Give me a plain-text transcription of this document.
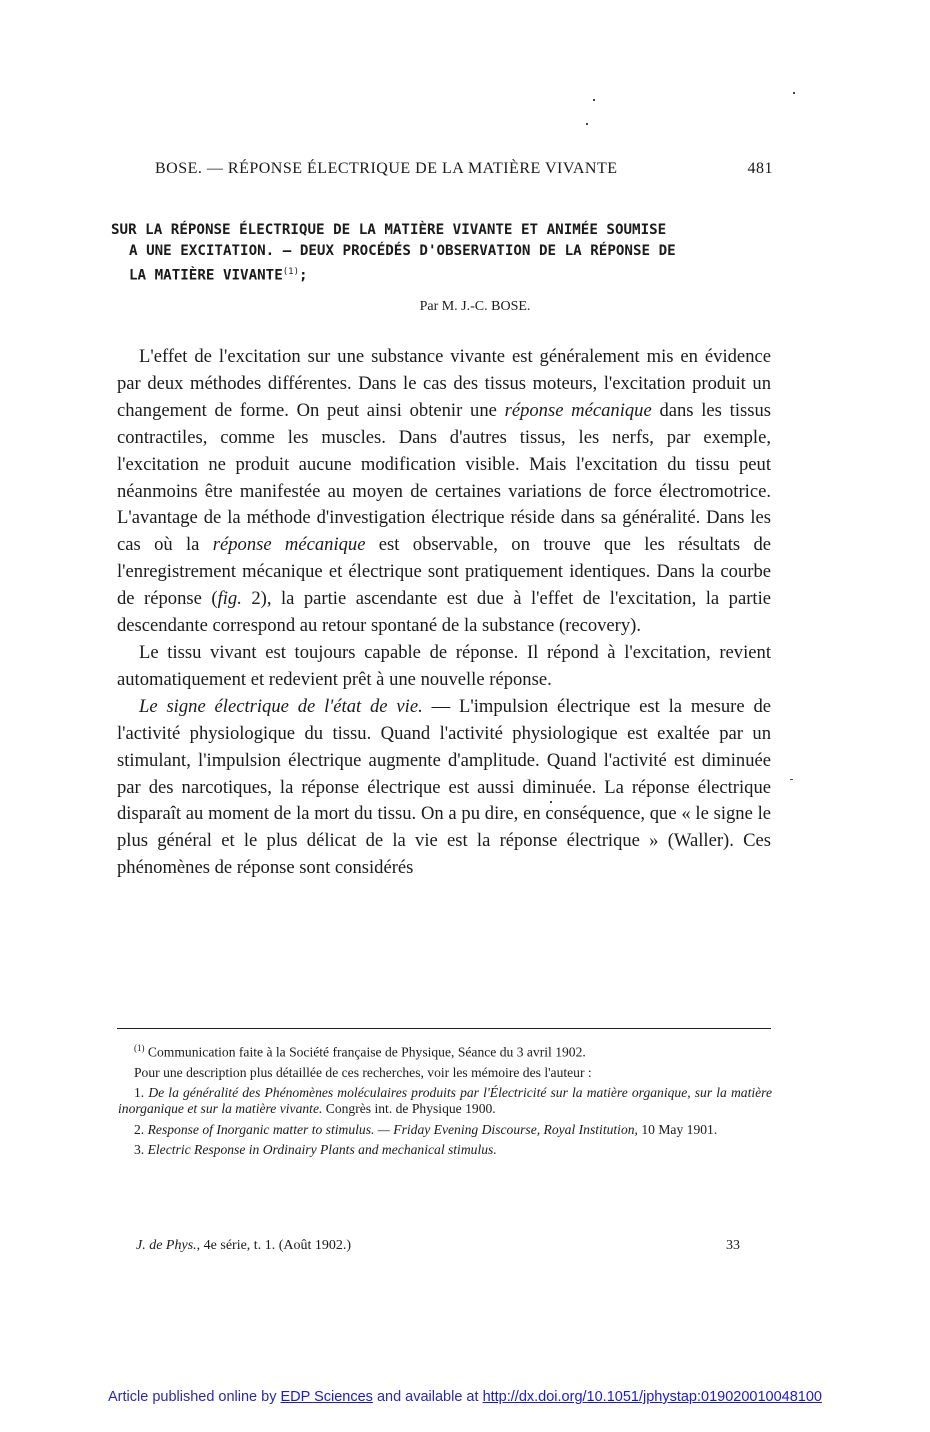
BOSE. — RÉPONSE ÉLECTRIQUE DE LA MATIÈRE VIVANTE	481
SUR LA RÉPONSE ÉLECTRIQUE DE LA MATIÈRE VIVANTE ET ANIMÉE SOUMISE
A UNE EXCITATION. — DEUX PROCÉDÉS D'OBSERVATION DE LA RÉPONSE DE
LA MATIÈRE VIVANTE$^{(1)}$;
Par M. J.-C. BOSE.

L'effet de l'excitation sur une substance vivante est généralement mis en évidence par deux méthodes différentes. Dans le cas des tissus moteurs, l'excitation produit un changement de forme. On peut ainsi obtenir une réponse mécanique dans les tissus contractiles, comme les muscles. Dans d'autres tissus, les nerfs, par exemple, l'excitation ne produit aucune modification visible. Mais l'excitation du tissu peut néanmoins être manifestée au moyen de certaines variations de force électromotrice. L'avantage de la méthode d'investigation électrique réside dans sa généralité. Dans les cas où la réponse mécanique est observable, on trouve que les résultats de l'enregistrement mécanique et électrique sont pratiquement identiques. Dans la courbe de réponse (fig. 2), la partie ascendante est due à l'effet de l'excitation, la partie descendante correspond au retour spontané de la substance (recovery).

Le tissu vivant est toujours capable de réponse. Il répond à l'excitation, revient automatiquement et redevient prêt à une nouvelle réponse.

Le signe électrique de l'état de vie. — L'impulsion électrique est la mesure de l'activité physiologique du tissu. Quand l'activité physiologique est exaltée par un stimulant, l'impulsion électrique augmente d'amplitude. Quand l'activité est diminuée par des narcotiques, la réponse électrique est aussi diminuée. La réponse électrique disparaît au moment de la mort du tissu. On a pu dire, en conséquence, que « le signe le plus général et le plus délicat de la vie est la réponse électrique » (Waller). Ces phénomènes de réponse sont considérés

$^{(1)}$ Communication faite à la Société française de Physique, Séance du 3 avril 1902.

Pour une description plus détaillée de ces recherches, voir les mémoire des l'auteur :

1. De la généralité des Phénomènes moléculaires produits par l'Électricité sur la matière organique, sur la matière inorganique et sur la matière vivante. Congrès int. de Physique 1900.

2. Response of Inorganic matter to stimulus. — Friday Evening Discourse, Royal Institution, 10 May 1901.

3. Electric Response in Ordinairy Plants and mechanical stimulus.

J. de Phys., 4e série, t. 1. (Août 1902.)	33
Article published online by EDP Sciences and available at http://dx.doi.org/10.1051/jphystap:019020010048100
